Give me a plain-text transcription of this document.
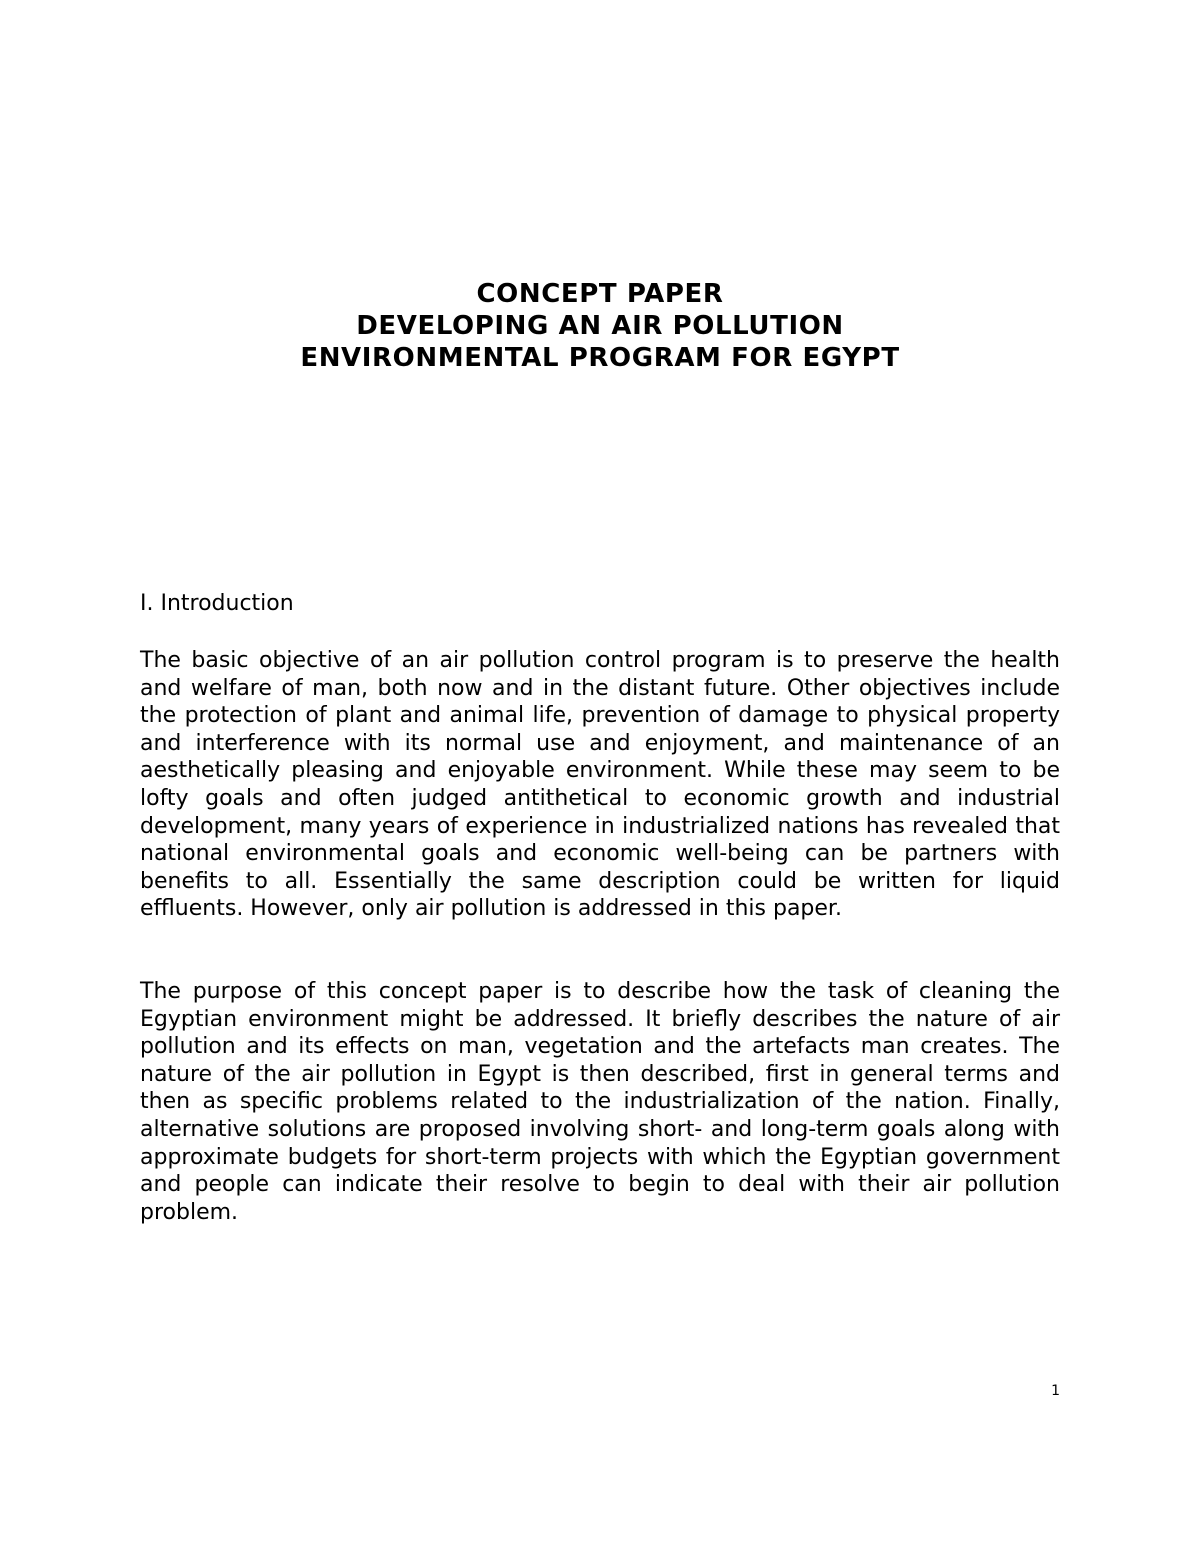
CONCEPT PAPER
DEVELOPING AN AIR POLLUTION
ENVIRONMENTAL PROGRAM FOR EGYPT
I. Introduction

The basic objective of an air pollution control program is to preserve the health and welfare of man, both now and in the distant future. Other objectives include the protection of plant and animal life, prevention of damage to physical property and interference with its normal use and enjoyment, and maintenance of an aesthetically pleasing and enjoyable environment. While these may seem to be lofty goals and often judged antithetical to economic growth and industrial development, many years of experience in industrialized nations has revealed that national environmental goals and economic well-being can be partners with benefits to all. Essentially the same description could be written for liquid effluents. However, only air pollution is addressed in this paper.

The purpose of this concept paper is to describe how the task of cleaning the Egyptian environment might be addressed. It briefly describes the nature of air pollution and its effects on man, vegetation and the artefacts man creates. The nature of the air pollution in Egypt is then described, first in general terms and then as specific problems related to the industrialization of the nation. Finally, alternative solutions are proposed involving short- and long-term goals along with approximate budgets for short-term projects with which the Egyptian government and people can indicate their resolve to begin to deal with their air pollution problem.

1
